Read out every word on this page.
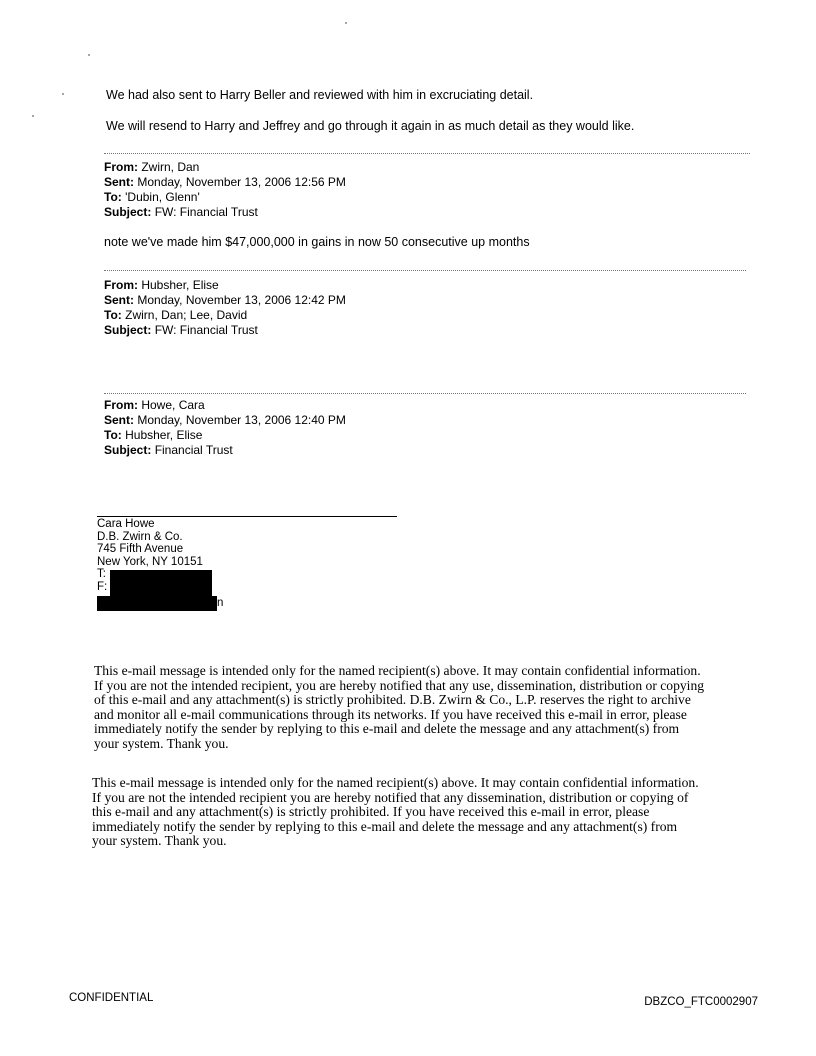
We had also sent to Harry Beller and reviewed with him in excruciating detail.
We will resend to Harry and Jeffrey and go through it again in as much detail as they would like.
From: Zwirn, Dan
Sent: Monday, November 13, 2006 12:56 PM
To: 'Dubin, Glenn'
Subject: FW: Financial Trust
note we've made him $47,000,000 in gains in now 50 consecutive up months
From: Hubsher, Elise
Sent: Monday, November 13, 2006 12:42 PM
To: Zwirn, Dan; Lee, David
Subject: FW: Financial Trust
From: Howe, Cara
Sent: Monday, November 13, 2006 12:40 PM
To: Hubsher, Elise
Subject: Financial Trust
Cara Howe
D.B. Zwirn & Co.
745 Fifth Avenue
New York, NY 10151
T:
F:
n
This e-mail message is intended only for the named recipient(s) above. It may contain confidential information.
If you are not the intended recipient, you are hereby notified that any use, dissemination, distribution or copying
of this e-mail and any attachment(s) is strictly prohibited. D.B. Zwirn & Co., L.P. reserves the right to archive
and monitor all e-mail communications through its networks. If you have received this e-mail in error, please
immediately notify the sender by replying to this e-mail and delete the message and any attachment(s) from
your system. Thank you.
This e-mail message is intended only for the named recipient(s) above. It may contain confidential information.
If you are not the intended recipient you are hereby notified that any dissemination, distribution or copying of
this e-mail and any attachment(s) is strictly prohibited. If you have received this e-mail in error, please
immediately notify the sender by replying to this e-mail and delete the message and any attachment(s) from
your system. Thank you.
CONFIDENTIAL	DBZCO_FTC0002907
